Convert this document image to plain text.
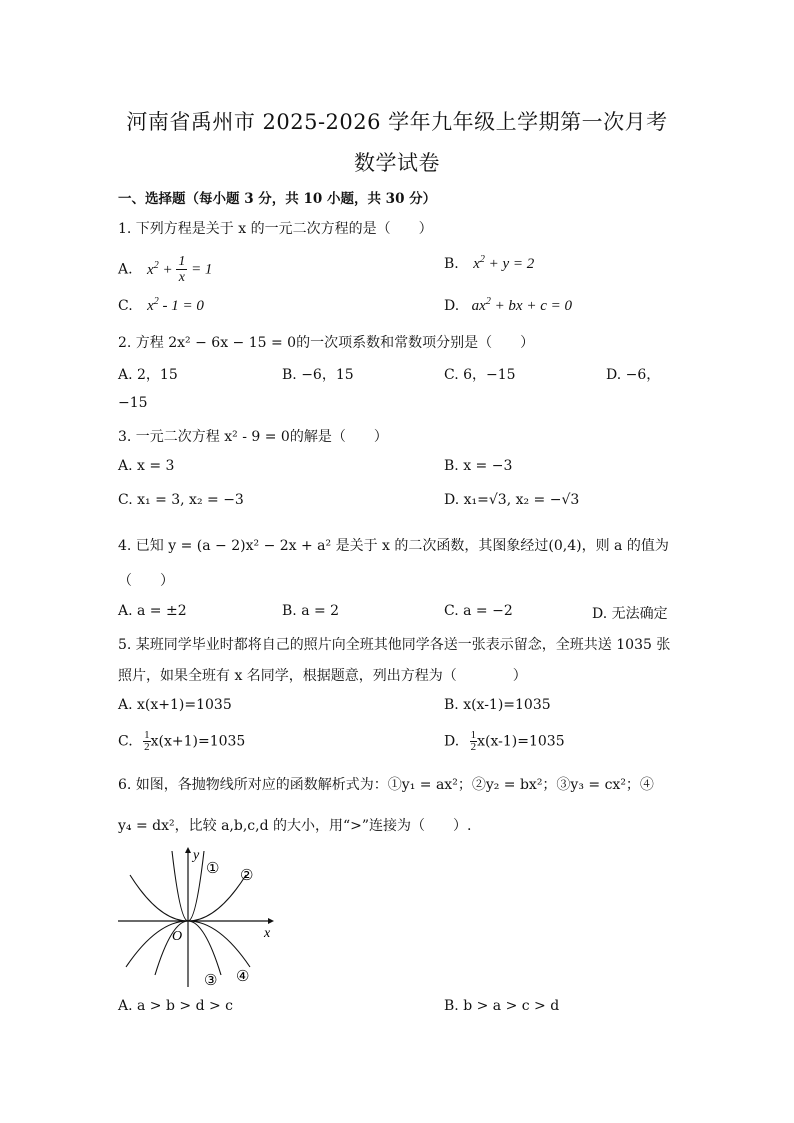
河南省禹州市 2025-2026 学年九年级上学期第一次月考
数学试卷
一、选择题（每小题 3 分，共 10 小题，共 30 分）
1. 下列方程是关于 x 的一元二次方程的是（　　）
A. $x^2 + \frac{1}{x} = 1$	B. $x^2 + y = 2$
C. $x^2 - 1 = 0$	D. $ax^2$ + bx + c = 0
2. 方程 2x² − 6x − 15 = 0的一次项系数和常数项分别是（　　）
A. 2，15	B. −6，15	C. 6，−15	D. −6，
−15
3. 一元二次方程 x² - 9 = 0的解是（　　）
A. x = 3	B. x = −3
C. x₁ = 3, x₂ = −3	D. x₁=√3, x₂ = −√3
4. 已知 y = (a − 2)x² − 2x + a² 是关于 x 的二次函数，其图象经过(0,4)，则 a 的值为
（　　）
A. a = ±2	B. a = 2	C. a = −2	D. 无法确定
5. 某班同学毕业时都将自己的照片向全班其他同学各送一张表示留念，全班共送 1035 张
照片，如果全班有 x 名同学，根据题意，列出方程为（　　　　）
A. x(x+1)=1035	B. x(x-1)=1035
C. $\frac{1}{2} x(x+1)=1035$	D. $\frac{1}{2} x(x-1)=1035$
6. 如图，各抛物线所对应的函数解析式为：①y₁ = ax²；②y₂ = bx²；③y₃ = cx²；④
y₄ = dx²，比较 a,b,c,d 的大小，用“>”连接为（　　）.
y
x
O
① ②
③ ④
A. a > b > d > c	B. b > a > c > d
